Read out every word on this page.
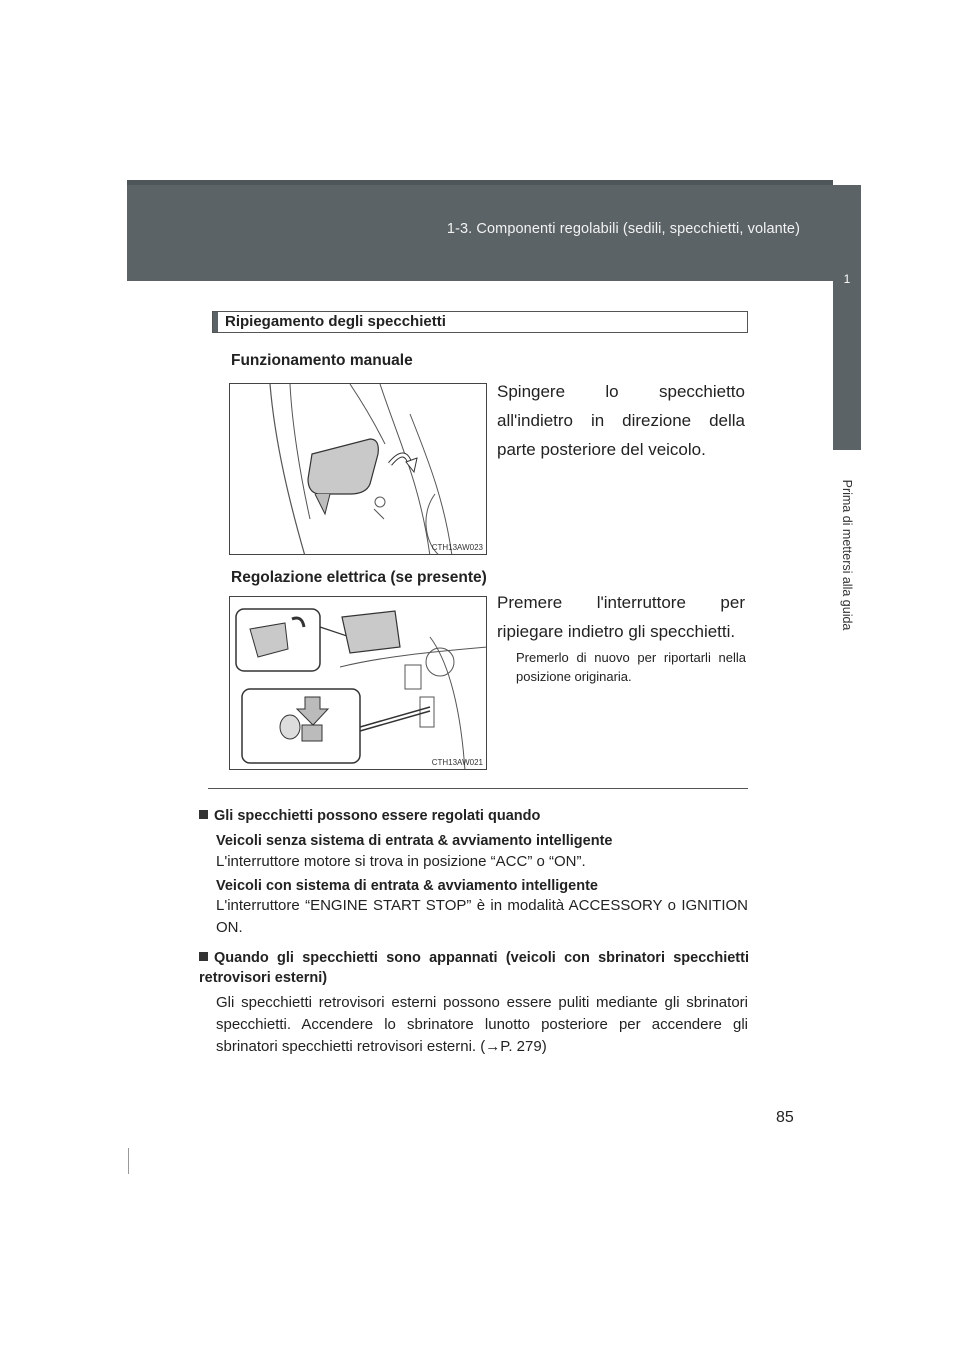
1-3. Componenti regolabili (sedili, specchietti, volante)
1
Prima di mettersi alla guida
Ripiegamento degli specchietti
Funzionamento manuale
CTH13AW023
Spingere lo specchietto all'indietro in direzione della parte posteriore del veicolo.
Regolazione elettrica (se presente)
CTH13AW021
Premere l'interruttore per ripiegare indietro gli specchietti.
Premerlo di nuovo per riportarli nella posizione originaria.
Gli specchietti possono essere regolati quando
Veicoli senza sistema di entrata & avviamento intelligente
L'interruttore motore si trova in posizione “ACC” o “ON”.
Veicoli con sistema di entrata & avviamento intelligente
L'interruttore “ENGINE START STOP” è in modalità ACCESSORY o IGNITION ON.
Quando gli specchietti sono appannati (veicoli con sbrinatori specchietti retrovisori esterni)
Gli specchietti retrovisori esterni possono essere puliti mediante gli sbrinatori specchietti. Accendere lo sbrinatore lunotto posteriore per accendere gli sbrinatori specchietti retrovisori esterni. (→P. 279)
85
